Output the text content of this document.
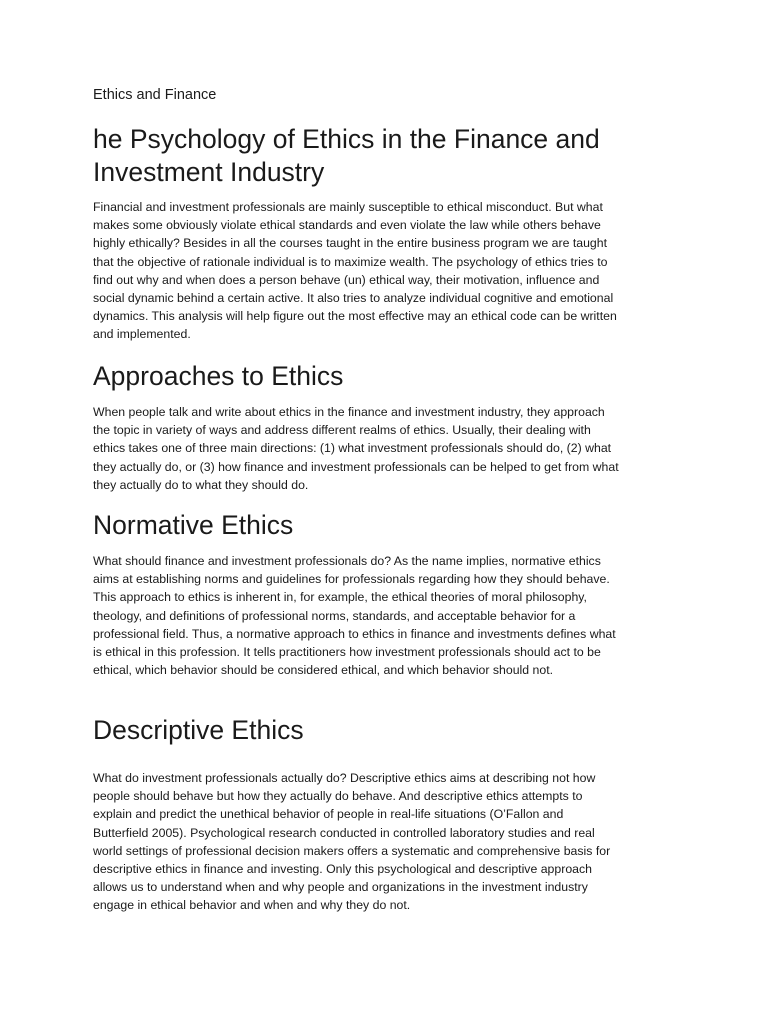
Ethics and Finance
he Psychology of Ethics in the Finance and
Investment Industry

Financial and investment professionals are mainly susceptible to ethical misconduct. But what
makes some obviously violate ethical standards and even violate the law while others behave
highly ethically? Besides in all the courses taught in the entire business program we are taught
that the objective of rationale individual is to maximize wealth. The psychology of ethics tries to
find out why and when does a person behave (un) ethical way, their motivation, influence and
social dynamic behind a certain active. It also tries to analyze individual cognitive and emotional
dynamics. This analysis will help figure out the most effective may an ethical code can be written
and implemented.

Approaches to Ethics

When people talk and write about ethics in the finance and investment industry, they approach
the topic in variety of ways and address different realms of ethics. Usually, their dealing with
ethics takes one of three main directions: (1) what investment professionals should do, (2) what
they actually do, or (3) how finance and investment professionals can be helped to get from what
they actually do to what they should do.

Normative Ethics

What should finance and investment professionals do? As the name implies, normative ethics
aims at establishing norms and guidelines for professionals regarding how they should behave.
This approach to ethics is inherent in, for example, the ethical theories of moral philosophy,
theology, and definitions of professional norms, standards, and acceptable behavior for a
professional field. Thus, a normative approach to ethics in finance and investments defines what
is ethical in this profession. It tells practitioners how investment professionals should act to be
ethical, which behavior should be considered ethical, and which behavior should not.

Descriptive Ethics

What do investment professionals actually do? Descriptive ethics aims at describing not how
people should behave but how they actually do behave. And descriptive ethics attempts to
explain and predict the unethical behavior of people in real-life situations (O’Fallon and
Butterfield 2005). Psychological research conducted in controlled laboratory studies and real
world settings of professional decision makers offers a systematic and comprehensive basis for
descriptive ethics in finance and investing. Only this psychological and descriptive approach
allows us to understand when and why people and organizations in the investment industry
engage in ethical behavior and when and why they do not.
